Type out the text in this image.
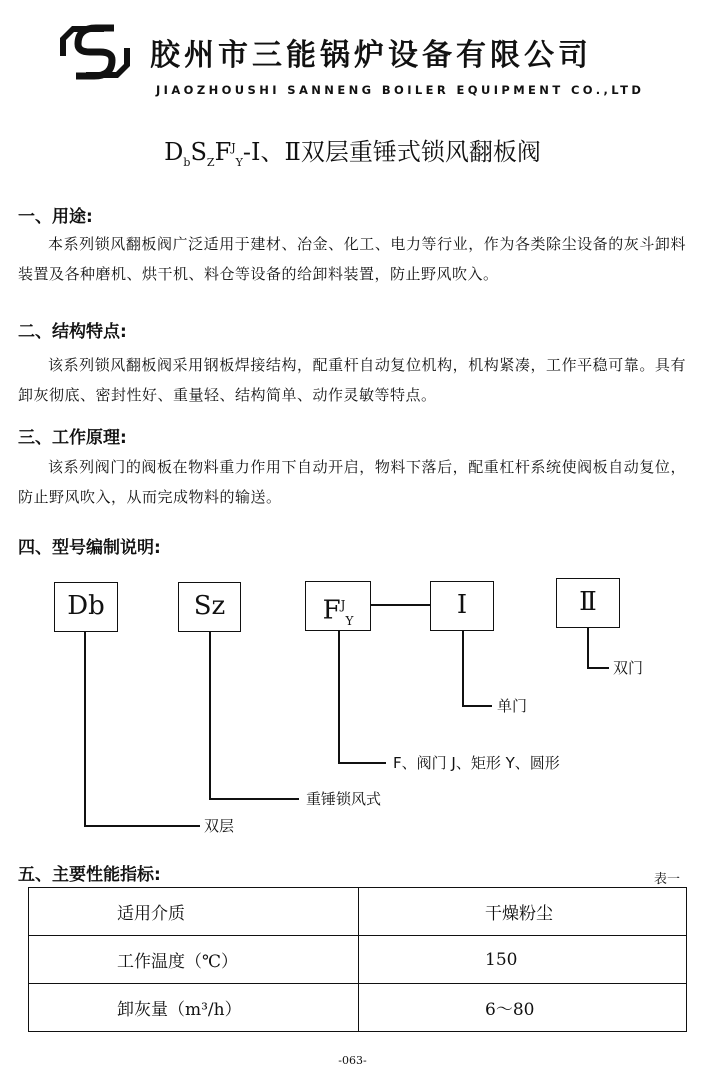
胶州市三能锅炉设备有限公司
JIAOZHOUSHI SANNENG BOILER EQUIPMENT CO.,LTD
$D_bS_ZF^J_Y-Ⅰ$、Ⅱ双层重锤式锁风翻板阀
一、用途:
本系列锁风翻板阀广泛适用于建材、冶金、化工、电力等行业，作为各类除尘设备的灰斗卸料装置及各种磨机、烘干机、料仓等设备的给卸料装置，防止野风吹入。
二、结构特点:
该系列锁风翻板阀采用钢板焊接结构，配重杆自动复位机构，机构紧凑，工作平稳可靠。具有卸灰彻底、密封性好、重量轻、结构简单、动作灵敏等特点。
三、工作原理:
该系列阀门的阀板在物料重力作用下自动开启，物料下落后，配重杠杆系统使阀板自动复位，防止野风吹入，从而完成物料的输送。
四、型号编制说明:
Db	Sz	$F^J_Y$
Ⅰ	Ⅱ
双门
单门
F、阀门 J、矩形 Y、圆形
重锤锁风式
双层
五、主要性能指标:	表一
适用介质	干燥粉尘
工作温度（℃）	150
卸灰量（m³/h）	6～80
-063-
